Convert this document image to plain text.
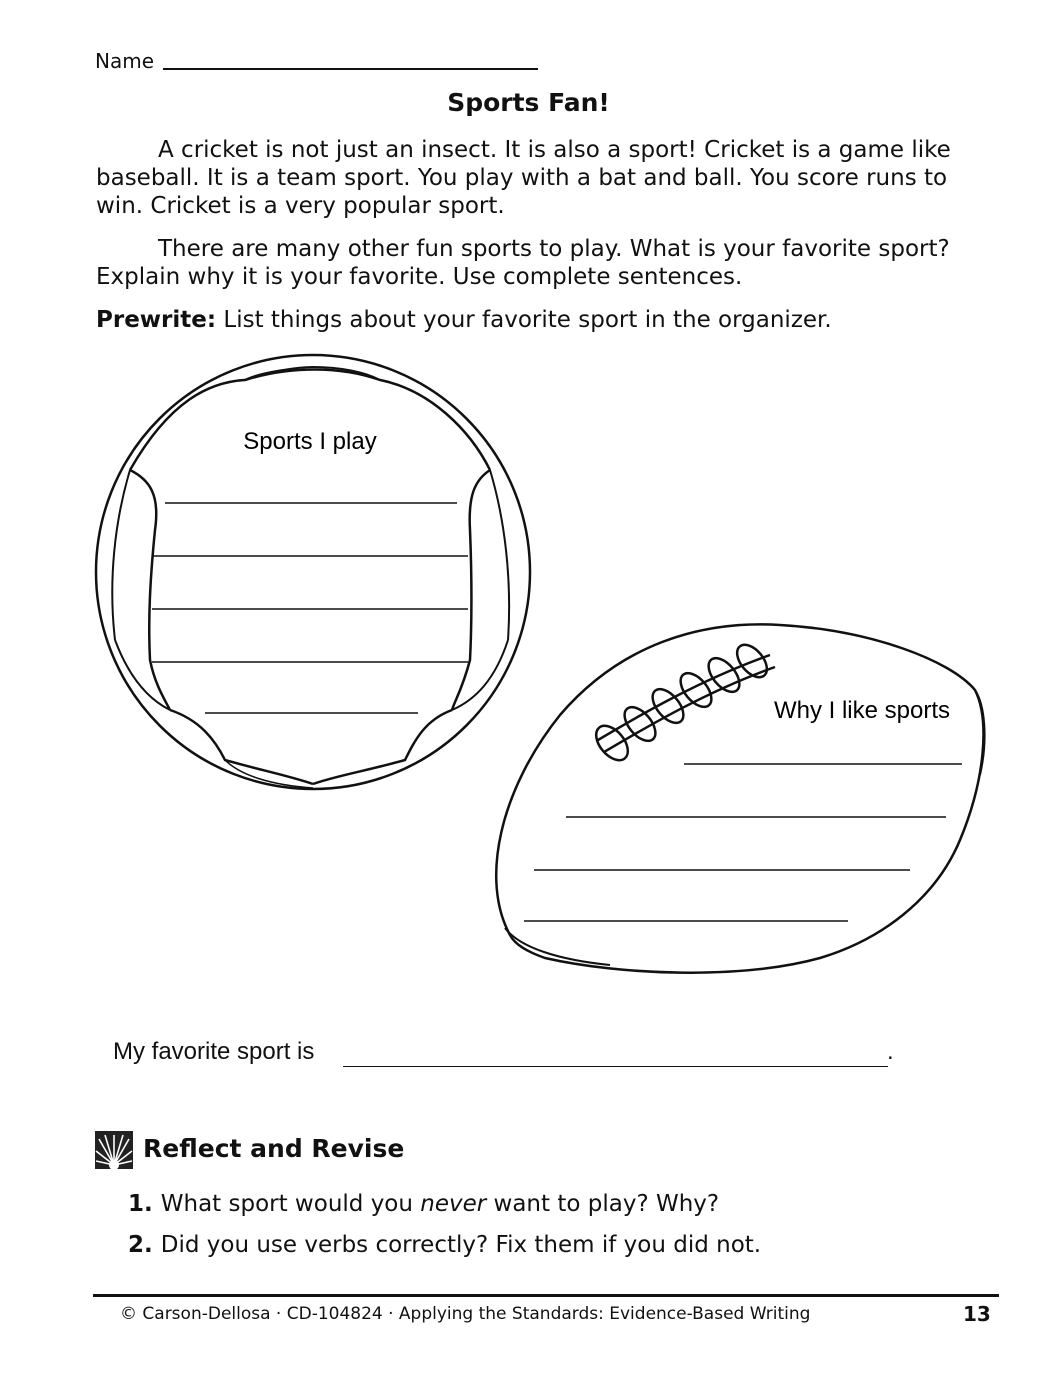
Name
Sports Fan!

A cricket is not just an insect. It is also a sport! Cricket is a game like baseball. It is a team sport. You play with a bat and ball. You score runs to win. Cricket is a very popular sport.

There are many other fun sports to play. What is your favorite sport? Explain why it is your favorite. Use complete sentences.

Prewrite: List things about your favorite sport in the organizer.
Sports I play
Why I like sports
My favorite sport is	.
Reflect and Revise
1. What sport would you never want to play? Why?
2. Did you use verbs correctly? Fix them if you did not.
© Carson-Dellosa · CD-104824 · Applying the Standards: Evidence-Based Writing	13
